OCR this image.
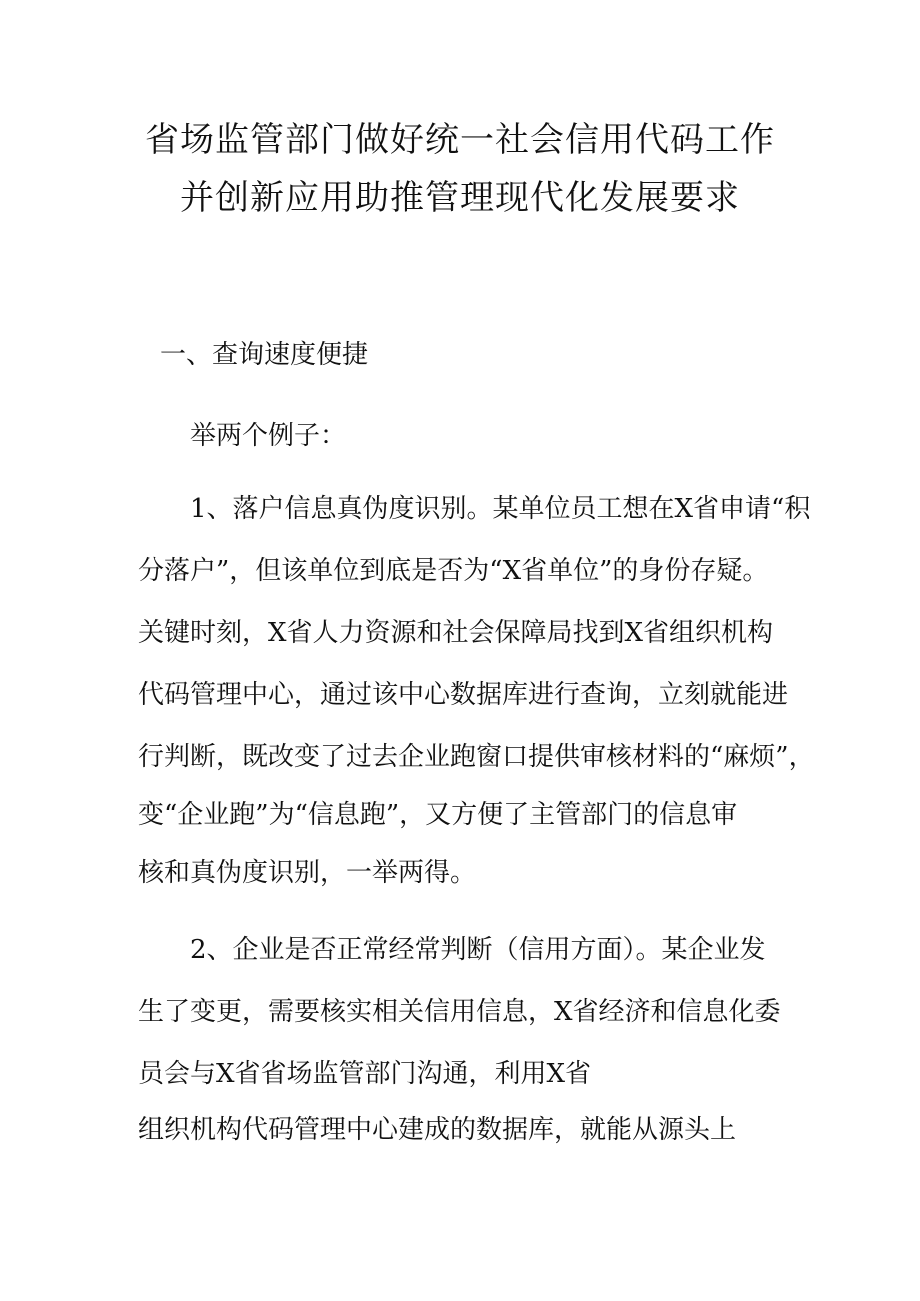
省场监管部门做好统一社会信用代码工作
并创新应用助推管理现代化发展要求
一、查询速度便捷
举两个例子：
1、落户信息真伪度识别。某单位员工想在X省申请“积
分落户”，但该单位到底是否为“X省单位”的身份存疑。
关键时刻，X省人力资源和社会保障局找到X省组织机构
代码管理中心，通过该中心数据库进行查询，立刻就能进
行判断，既改变了过去企业跑窗口提供审核材料的“麻烦”，
变“企业跑”为“信息跑”，又方便了主管部门的信息审
核和真伪度识别，一举两得。
2、企业是否正常经常判断（信用方面）。某企业发
生了变更，需要核实相关信用信息，X省经济和信息化委
员会与X省省场监管部门沟通，利用X省
组织机构代码管理中心建成的数据库，就能从源头上
